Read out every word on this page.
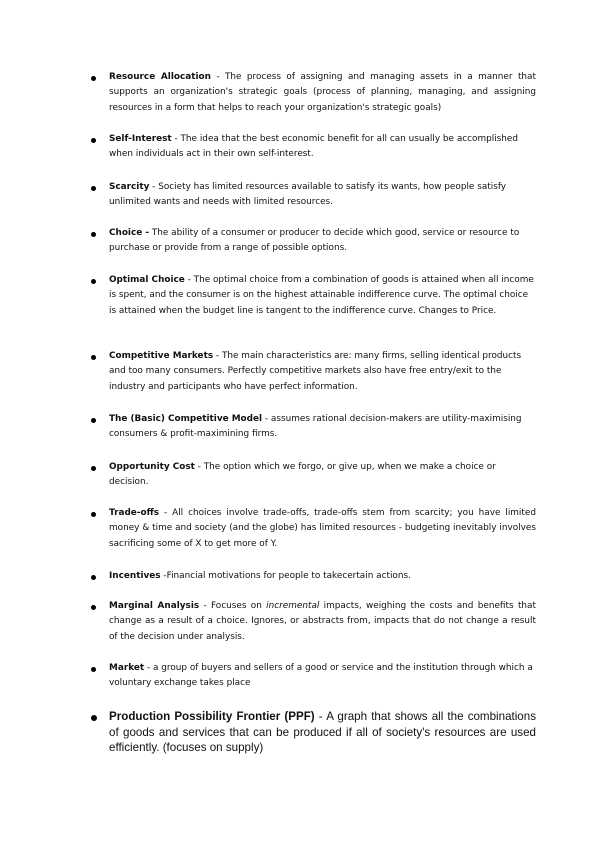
Resource Allocation - The process of assigning and managing assets in a manner that supports an organization's strategic goals (process of planning, managing, and assigning resources in a form that helps to reach your organization's strategic goals)
Self-Interest - The idea that the best economic benefit for all can usually be accomplished when individuals act in their own self-interest.
Scarcity - Society has limited resources available to satisfy its wants, how people satisfy unlimited wants and needs with limited resources.
Choice - The ability of a consumer or producer to decide which good, service or resource to purchase or provide from a range of possible options.
Optimal Choice - The optimal choice from a combination of goods is attained when all income is spent, and the consumer is on the highest attainable indifference curve. The optimal choice is attained when the budget line is tangent to the indifference curve. Changes to Price.
Competitive Markets - The main characteristics are: many firms, selling identical products and too many consumers. Perfectly competitive markets also have free entry/exit to the industry and participants who have perfect information.
The (Basic) Competitive Model - assumes rational decision-makers are utility-maximising consumers & profit-maximining firms.
Opportunity Cost - The option which we forgo, or give up, when we make a choice or decision.
Trade-offs - All choices involve trade-offs, trade-offs stem from scarcity; you have limited money & time and society (and the globe) has limited resources - budgeting inevitably involves sacrificing some of X to get more of Y.
Incentives -Financial motivations for people to takecertain actions.
Marginal Analysis - Focuses on incremental impacts, weighing the costs and benefits that change as a result of a choice. Ignores, or abstracts from, impacts that do not change a result of the decision under analysis.
Market - a group of buyers and sellers of a good or service and the institution through which a voluntary exchange takes place
Production Possibility Frontier (PPF) - A graph that shows all the combinations of goods and services that can be produced if all of society's resources are used efficiently. (focuses on supply)
